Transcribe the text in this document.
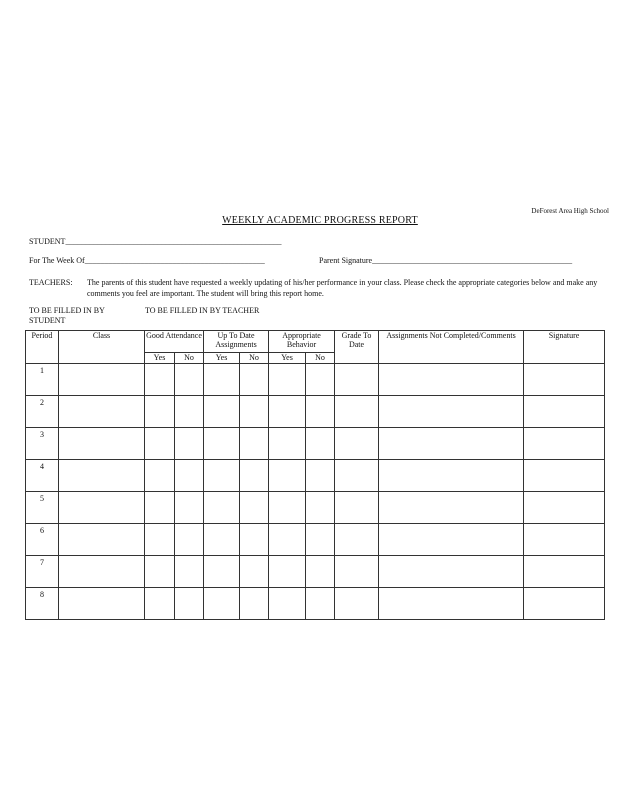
DeForest Area High School
WEEKLY ACADEMIC PROGRESS REPORT
STUDENT______________________________________________________
For The Week Of_____________________________________________	Parent Signature__________________________________________________
TEACHERS: The parents of this student have requested a weekly updating of his/her performance in your class. Please check the appropriate categories below and make any comments you feel are important. The student will bring this report home.
TO BE FILLED IN BY STUDENT
TO BE FILLED IN BY TEACHER
Period	Class	Good Attendance		Up To Date Assignments		Appropriate Behavior		Grade To Date	Assignments Not Completed/Comments	Signature
		Yes	No	Yes	No	Yes	No			
1										
2										
3										
4										
5										
6										
7										
8										
